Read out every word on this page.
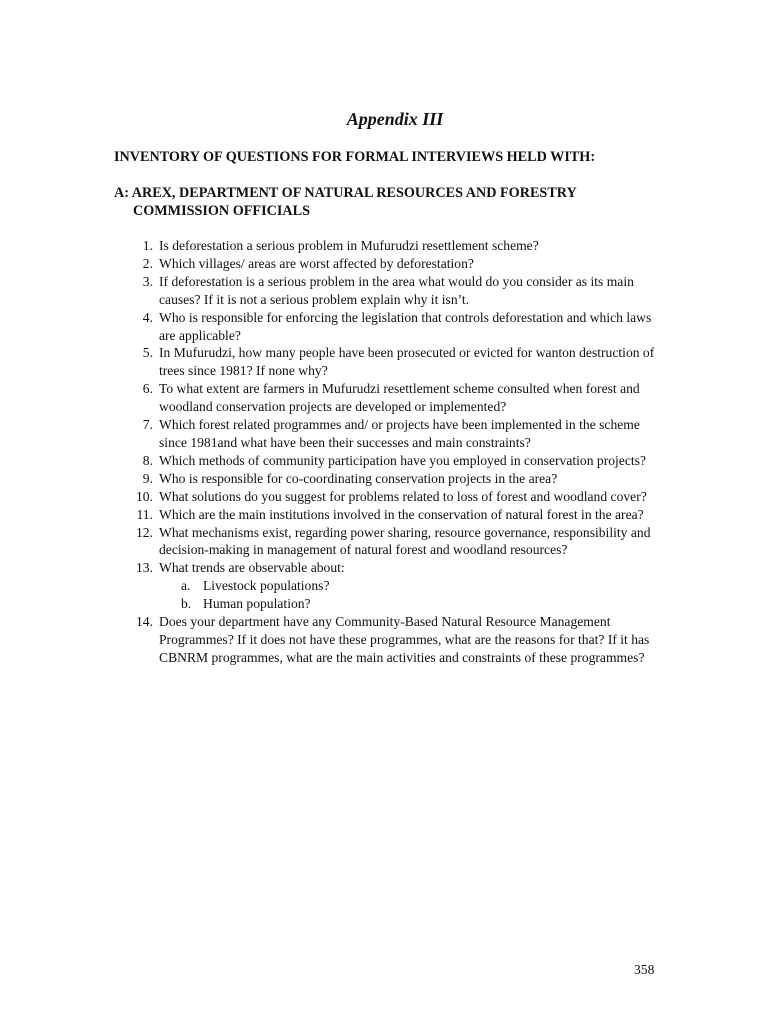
Appendix III
INVENTORY OF QUESTIONS FOR FORMAL INTERVIEWS HELD WITH:
A: AREX, DEPARTMENT OF NATURAL RESOURCES AND FORESTRY
COMMISSION OFFICIALS
1. Is deforestation a serious problem in Mufurudzi resettlement scheme?
2. Which villages/ areas are worst affected by deforestation?
3. If deforestation is a serious problem in the area what would do you consider as its main causes? If it is not a serious problem explain why it isn’t.
4. Who is responsible for enforcing the legislation that controls deforestation and which laws are applicable?
5. In Mufurudzi, how many people have been prosecuted or evicted for wanton destruction of trees since 1981? If none why?
6. To what extent are farmers in Mufurudzi resettlement scheme consulted when forest and woodland conservation projects are developed or implemented?
7. Which forest related programmes and/ or projects have been implemented in the scheme since 1981and what have been their successes and main constraints?
8. Which methods of community participation have you employed in conservation projects?
9. Who is responsible for co-coordinating conservation projects in the area?
10. What solutions do you suggest for problems related to loss of forest and woodland cover?
11. Which are the main institutions involved in the conservation of natural forest in the area?
12. What mechanisms exist, regarding power sharing, resource governance, responsibility and decision-making in management of natural forest and woodland resources?
13. What trends are observable about:
a. Livestock populations?
b. Human population?
14. Does your department have any Community-Based Natural Resource Management Programmes? If it does not have these programmes, what are the reasons for that? If it has CBNRM programmes, what are the main activities and constraints of these programmes?
358
